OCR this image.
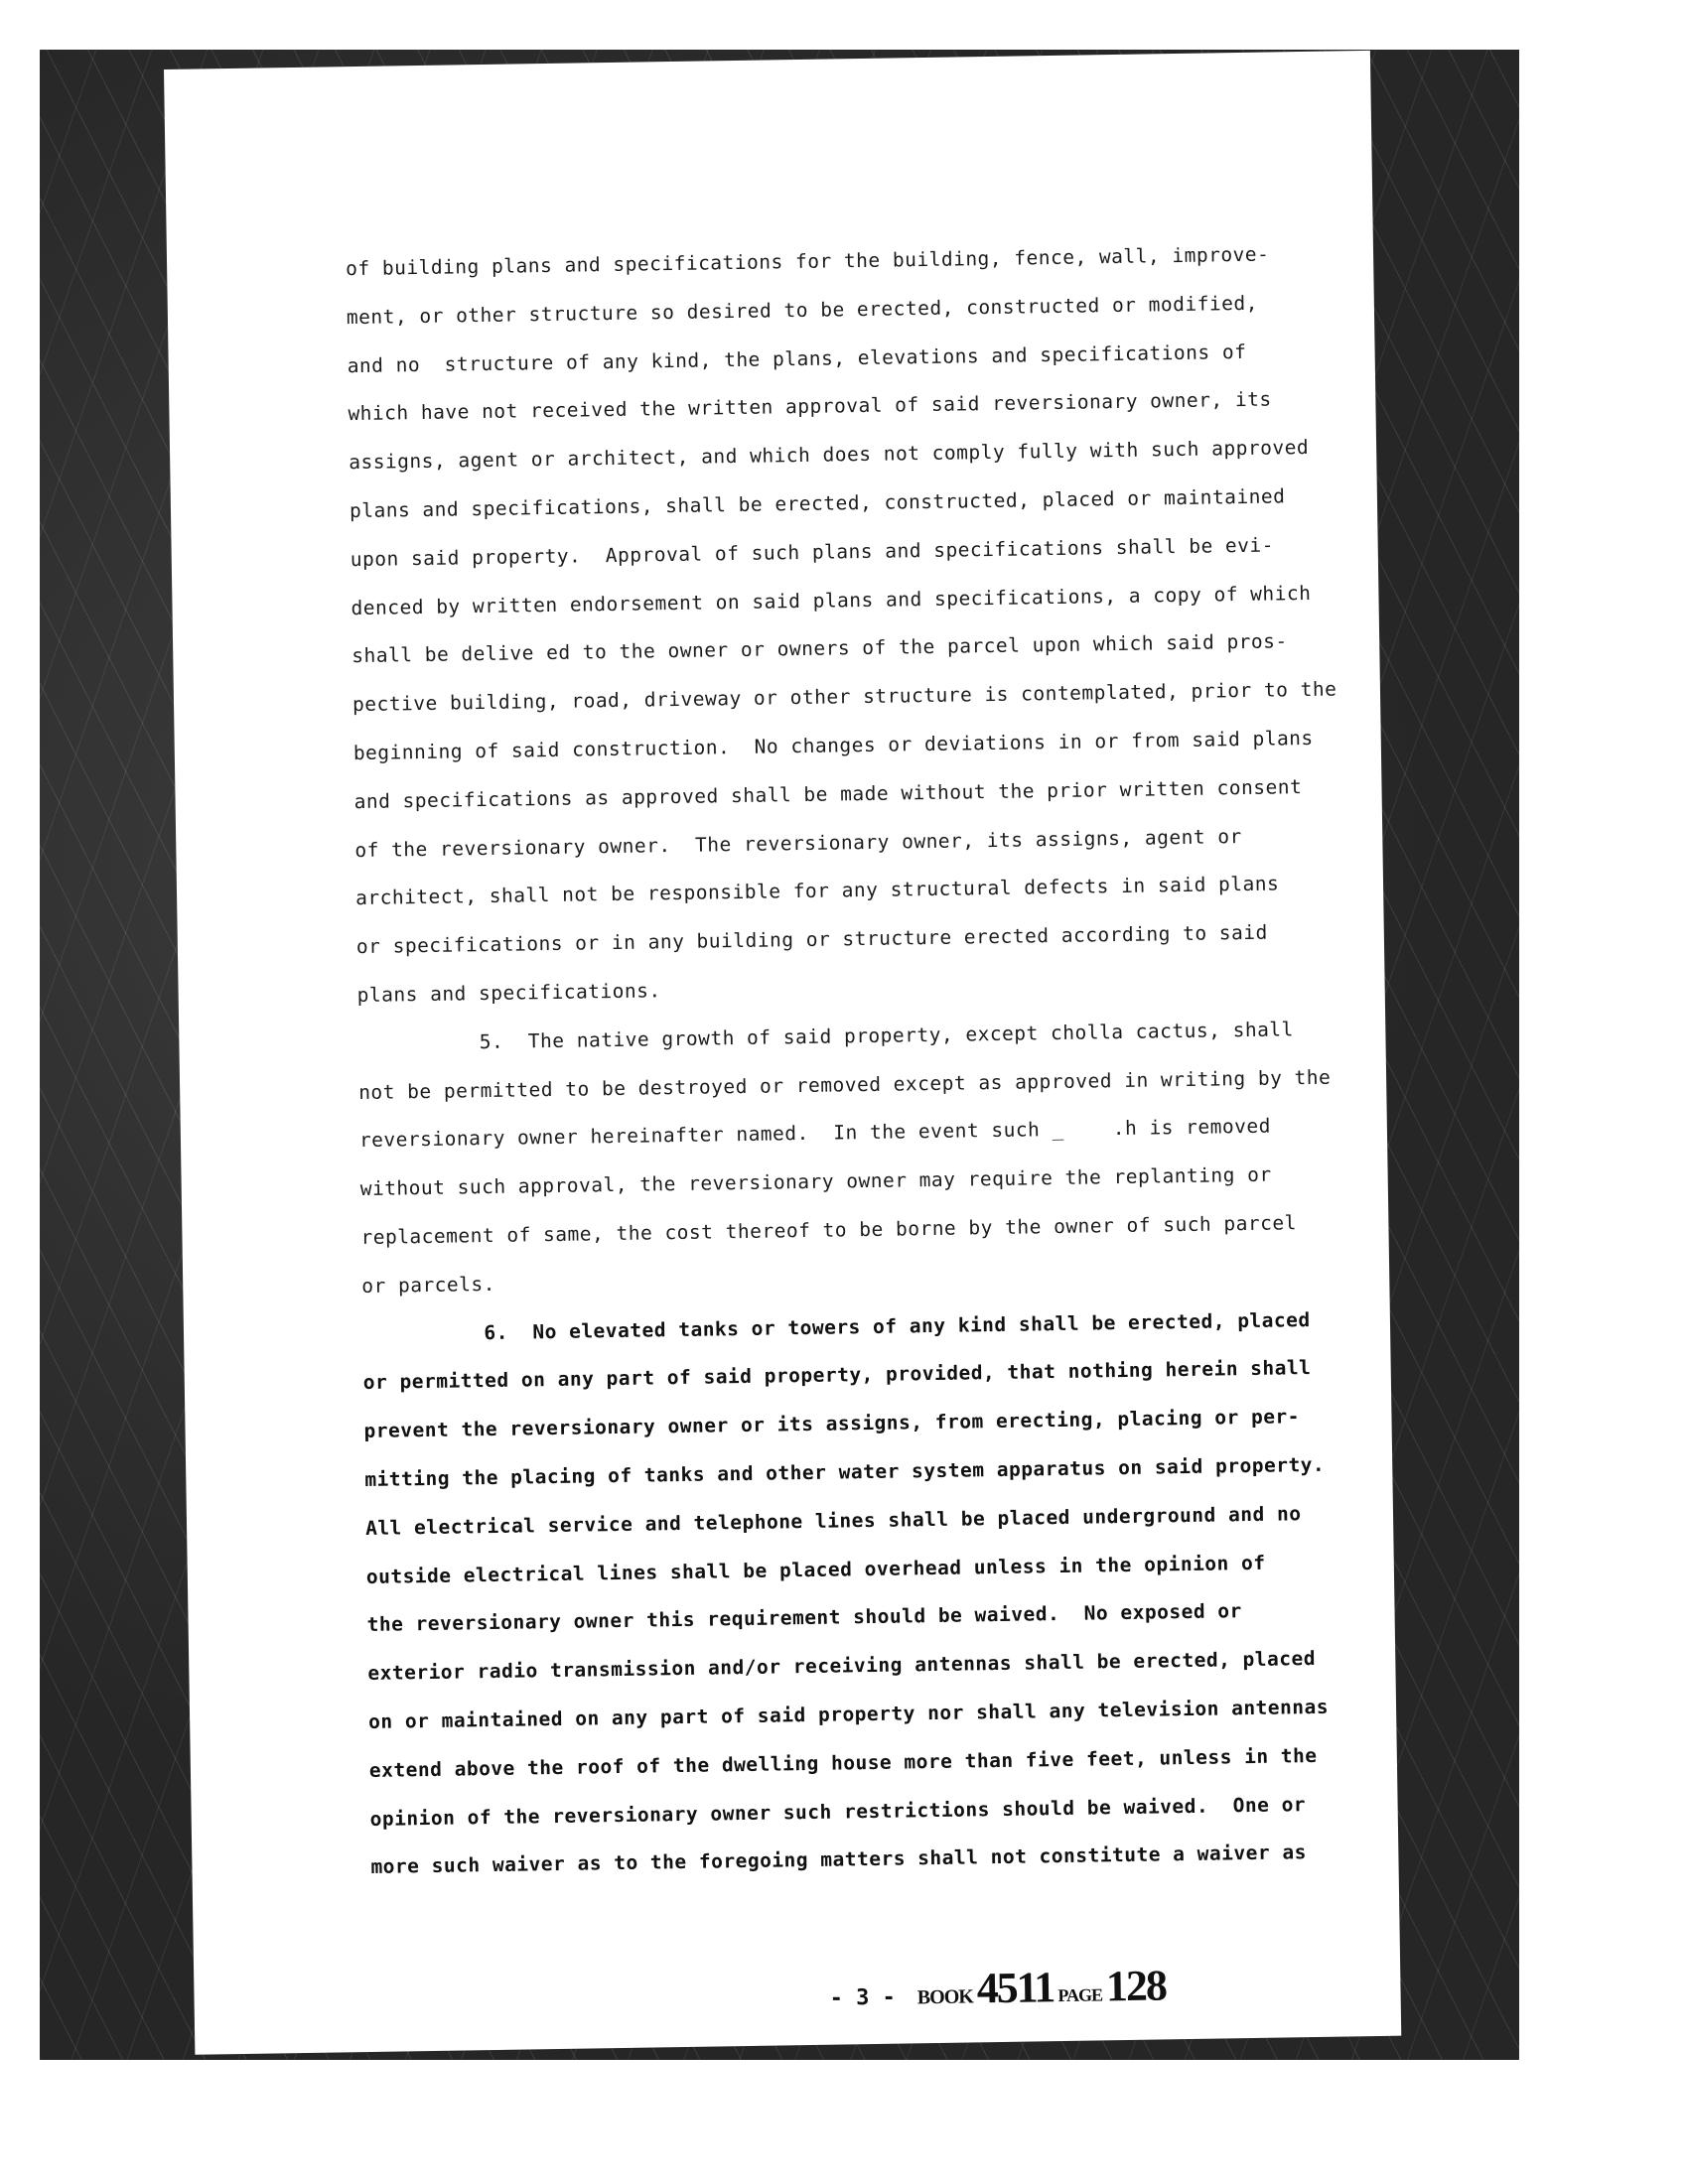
of building plans and specifications for the building, fence, wall, improve-
ment, or other structure so desired to be erected, constructed or modified,
and no  structure of any kind, the plans, elevations and specifications of
which have not received the written approval of said reversionary owner, its
assigns, agent or architect, and which does not comply fully with such approved
plans and specifications, shall be erected, constructed, placed or maintained
upon said property.  Approval of such plans and specifications shall be evi-
denced by written endorsement on said plans and specifications, a copy of which
shall be delive ed to the owner or owners of the parcel upon which said pros-
pective building, road, driveway or other structure is contemplated, prior to the
beginning of said construction.  No changes or deviations in or from said plans
and specifications as approved shall be made without the prior written consent
of the reversionary owner.  The reversionary owner, its assigns, agent or
architect, shall not be responsible for any structural defects in said plans
or specifications or in any building or structure erected according to said
plans and specifications.
5.  The native growth of said property, except cholla cactus, shall
not be permitted to be destroyed or removed except as approved in writing by the
reversionary owner hereinafter named.  In the event such _    .h is removed
without such approval, the reversionary owner may require the replanting or
replacement of same, the cost thereof to be borne by the owner of such parcel
or parcels.
6.  No elevated tanks or towers of any kind shall be erected, placed
or permitted on any part of said property, provided, that nothing herein shall
prevent the reversionary owner or its assigns, from erecting, placing or per-
mitting the placing of tanks and other water system apparatus on said property.
All electrical service and telephone lines shall be placed underground and no
outside electrical lines shall be placed overhead unless in the opinion of
the reversionary owner this requirement should be waived.  No exposed or
exterior radio transmission and/or receiving antennas shall be erected, placed
on or maintained on any part of said property nor shall any television antennas
extend above the roof of the dwelling house more than five feet, unless in the
opinion of the reversionary owner such restrictions should be waived.  One or
more such waiver as to the foregoing matters shall not constitute a waiver as
- 3 - BOOK 4511 PAGE 128
